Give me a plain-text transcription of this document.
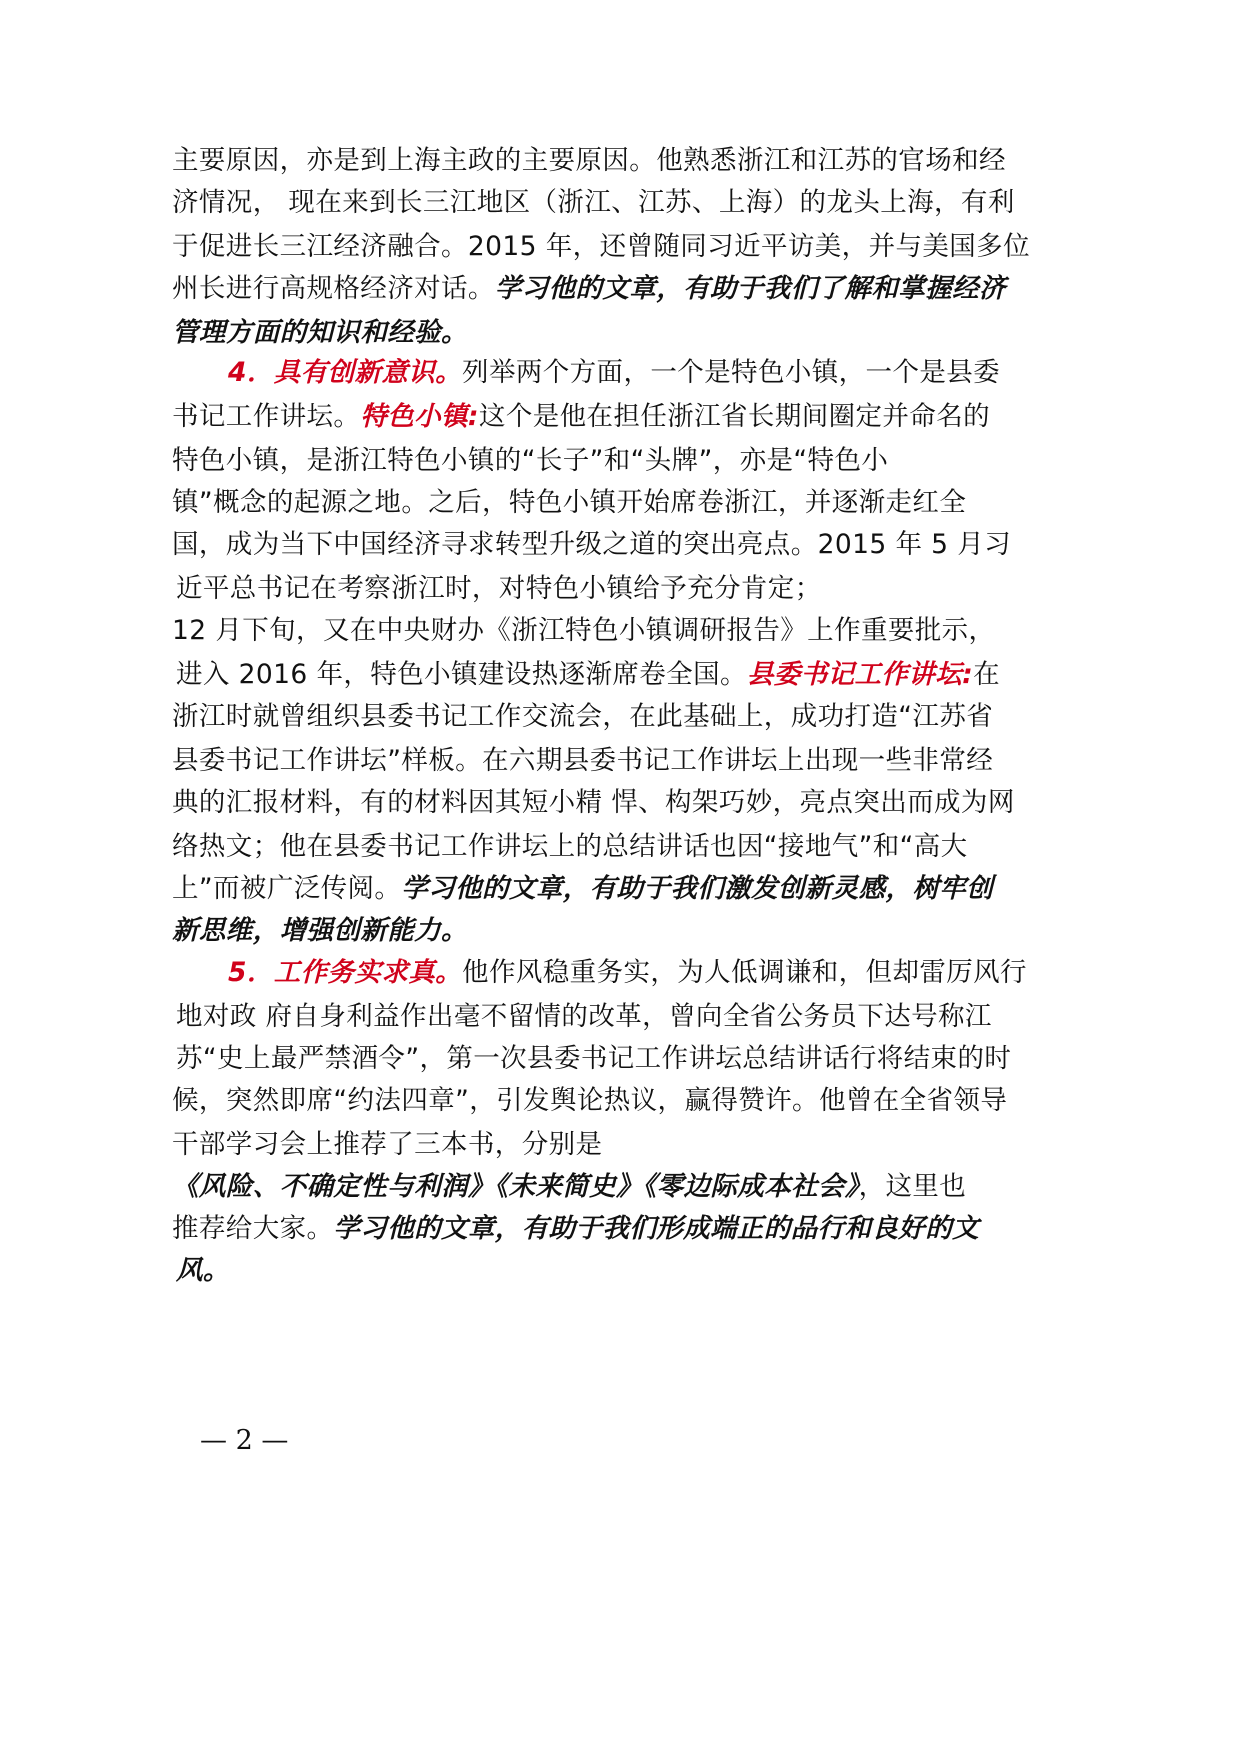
主要原因，亦是到上海主政的主要原因。他熟悉浙江和江苏的官场和经
济情况， 现在来到长三江地区（浙江、江苏、上海）的龙头上海，有利
于促进长三江经济融合。2015 年，还曾随同习近平访美，并与美国多位
州长进行高规格经济对话。学习他的文章，有助于我们了解和掌握经济
管理方面的知识和经验。
4．具有创新意识。列举两个方面，一个是特色小镇，一个是县委
书记工作讲坛。特色小镇:这个是他在担任浙江省长期间圈定并命名的
特色小镇，是浙江特色小镇的“长子”和“头牌”，亦是“特色小
镇”概念的起源之地。之后，特色小镇开始席卷浙江，并逐渐走红全
国，成为当下中国经济寻求转型升级之道的突出亮点。2015 年 5 月习
近平总书记在考察浙江时，对特色小镇给予充分肯定；
12 月下旬，又在中央财办《浙江特色小镇调研报告》上作重要批示，
进入 2016 年，特色小镇建设热逐渐席卷全国。县委书记工作讲坛:在
浙江时就曾组织县委书记工作交流会，在此基础上，成功打造“江苏省
县委书记工作讲坛”样板。在六期县委书记工作讲坛上出现一些非常经
典的汇报材料，有的材料因其短小精 悍、构架巧妙，亮点突出而成为网
络热文；他在县委书记工作讲坛上的总结讲话也因“接地气”和“高大
上”而被广泛传阅。学习他的文章，有助于我们激发创新灵感，树牢创
新思维，增强创新能力。
5．工作务实求真。他作风稳重务实，为人低调谦和，但却雷厉风行
地对政 府自身利益作出毫不留情的改革，曾向全省公务员下达号称江
苏“史上最严禁酒令”，第一次县委书记工作讲坛总结讲话行将结束的时
候，突然即席“约法四章”，引发舆论热议，赢得赞许。他曾在全省领导
干部学习会上推荐了三本书，分别是
《风险、不确定性与利润》《未来简史》《零边际成本社会》，这里也
推荐给大家。学习他的文章，有助于我们形成端正的品行和良好的文
风。
— 2 —
